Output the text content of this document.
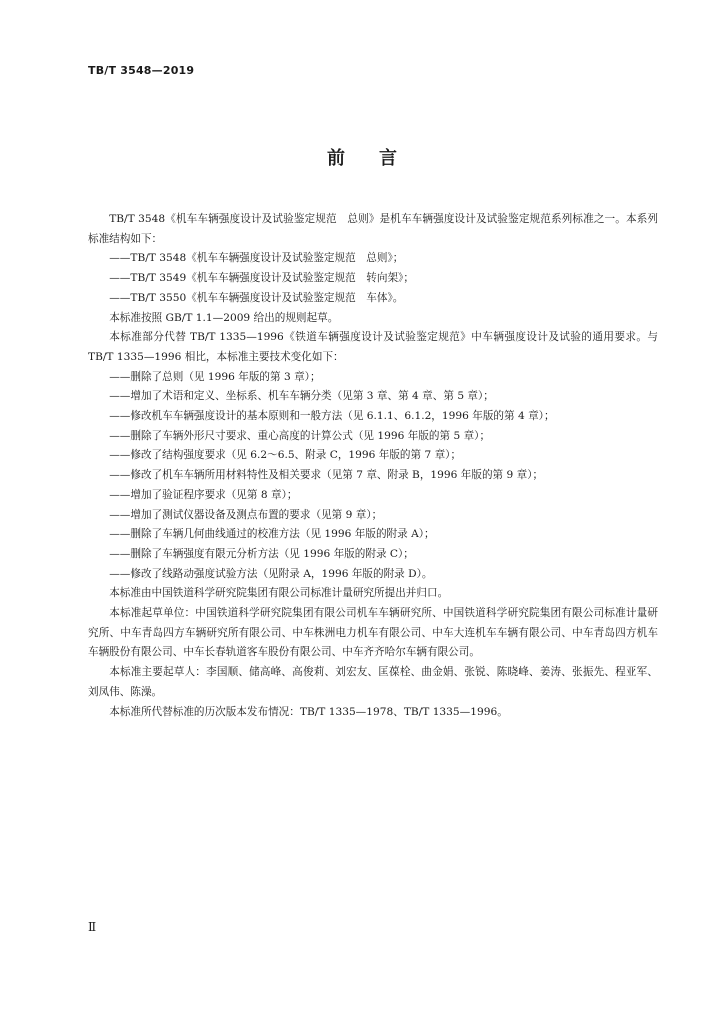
TB/T 3548—2019
前言

TB/T 3548《机车车辆强度设计及试验鉴定规范　总则》是机车车辆强度设计及试验鉴定规范系列标准之一。本系列标准结构如下：

——TB/T 3548《机车车辆强度设计及试验鉴定规范　总则》；

——TB/T 3549《机车车辆强度设计及试验鉴定规范　转向架》；

——TB/T 3550《机车车辆强度设计及试验鉴定规范　车体》。

本标准按照 GB/T 1.1—2009 给出的规则起草。

本标准部分代替 TB/T 1335—1996《铁道车辆强度设计及试验鉴定规范》中车辆强度设计及试验的通用要求。与 TB/T 1335—1996 相比，本标准主要技术变化如下：

——删除了总则（见 1996 年版的第 3 章）；

——增加了术语和定义、坐标系、机车车辆分类（见第 3 章、第 4 章、第 5 章）；

——修改机车车辆强度设计的基本原则和一般方法（见 6.1.1、6.1.2，1996 年版的第 4 章）；

——删除了车辆外形尺寸要求、重心高度的计算公式（见 1996 年版的第 5 章）；

——修改了结构强度要求（见 6.2～6.5、附录 C，1996 年版的第 7 章）；

——修改了机车车辆所用材料特性及相关要求（见第 7 章、附录 B，1996 年版的第 9 章）；

——增加了验证程序要求（见第 8 章）；

——增加了测试仪器设备及测点布置的要求（见第 9 章）；

——删除了车辆几何曲线通过的校准方法（见 1996 年版的附录 A）；

——删除了车辆强度有限元分析方法（见 1996 年版的附录 C）；

——修改了线路动强度试验方法（见附录 A，1996 年版的附录 D）。

本标准由中国铁道科学研究院集团有限公司标准计量研究所提出并归口。

本标准起草单位：中国铁道科学研究院集团有限公司机车车辆研究所、中国铁道科学研究院集团有限公司标准计量研究所、中车青岛四方车辆研究所有限公司、中车株洲电力机车有限公司、中车大连机车车辆有限公司、中车青岛四方机车车辆股份有限公司、中车长春轨道客车股份有限公司、中车齐齐哈尔车辆有限公司。

本标准主要起草人：李国顺、储高峰、高俊莉、刘宏友、匡葆栓、曲金娟、张锐、陈晓峰、姜涛、张振先、程亚军、刘凤伟、陈澡。

本标准所代替标准的历次版本发布情况：TB/T 1335—1978、TB/T 1335—1996。

Ⅱ
